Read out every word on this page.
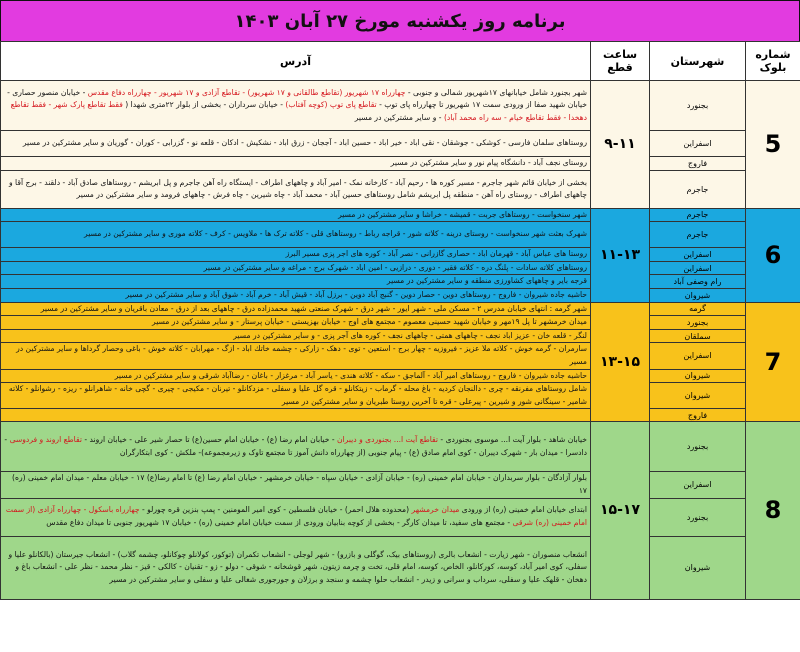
برنامه روز یکشنبه مورخ ۲۷ آبان ۱۴۰۳
شماره بلوک	شهرستان	ساعت قطع	آدرس
5	بجنورد	۹-۱۱	شهر بجنورد شامل خیابانهای ۱۷شهریور شمالی و جنوبی - چهارراه ۱۷ شهریور (تقاطع طالقانی و ۱۷ شهریور) - تقاطع آزادی و ۱۷ شهریور - چهارراه دفاع مقدس - خیابان منصور حصاری - خیابان شهید صفا از ورودی سمت ۱۷ شهریور تا چهارراه پای توپ - تقاطع پای توپ (کوچه آفتاب) - خیابان سرداران - بخشی از بلوار ۲۲متری شهدا ( فقط تقاطع پارک شهر - فقط تقاطع دهخدا - فقط تقاطع خیام - سه راه محمد آباد) - و سایر مشترکین در مسیر
	اسفراین		روستاهای سلمان فارسی - کوشکی - جوشقان - نقی اباد - خیر اباد - حسین اباد - آججان - زرق اباد - نشکیش - ادکان - قلعه نو - گزرابی - کوران - گوریان و سایر مشترکین در مسیر
	فاروج		روستای نجف آباد - دانشگاه پیام نور و سایر مشترکین در مسیر
	جاجرم		بخشی از خیابان قائم شهر جاجرم - مسیر کوره ها - رحیم آباد - کارخانه نمک - امیر آباد و چاههای اطراف - ایستگاه راه آهن جاجرم و پل ابریشم - روستاهای صادق آباد - دلقند - برج آقا و چاههای اطراف - روستای راه آهن - منطقه پل ابریشم شامل روستاهای حسین آباد - محمد آباد - چاه شیرین - چاه فرش - چاههای فرومد و سایر مشترکین در مسیر
6	جاجرم	۱۱-۱۳	شهر سنخواست - روستاهای جربت - قمیشه - خراشا و سایر مشترکین در مسیر
	جاجرم		شهرک بعثت شهر سنخواست - روستای درینه - کلاته شور - قراجه رباط - روستاهای قلی - کلاته ترک ها - ملاویس - کرف - کلاته موری و سایر مشترکین در مسیر
	اسفراین		روستا های عباس آباد - قهرمان اباد - حصاری گازرانی - نصر آباد - کوره های اجر پزی مسیر البرز
	اسفراین		روستاهای کلاته سادات - پلنگ دره - کلاته فقیر - دوری - درازیی - امین اباد - شهرک برج - مراغه و سایر مشترکین در مسیر
	رام وصفی آباد		قرجه بایر و چاههای کشاورزی منطقه و سایر مشترکین در مسیر
	شیروان		حاشیه جاده شیروان - فاروج - روستاهای دوین - حصار دوین - گنبج آباد دوین - برزل آباد - قیش آباد - خرم آباد - شوق آباد و سایر مشترکین در مسیر
7	گرمه	۱۳-۱۵	شهر گرمه : انتهای خیابان مدرس ۲ - مسکن ملی - شهر ایور - شهر درق - شهرک صنعتی شهید محمدزاده درق - چاههای بعد از درق - معادن باقریان و سایر مشترکین در مسیر
	بجنورد		میدان خرمشهر تا پل ۱۹مهر و خیابان شهید حسینی معصوم - مجتمع های اوج - خیابان بهزیستی - خیابان پرستار - و سایر مشترکین در مسیر
	سملقان		لنگر - قلعه خان - عزیز اباد نجف - چاههای همتی - چاههای نجف - کوره های آجر پزی - و سایر مشترکین در مسیر
	اسفراین		سارمران - گرمه خوش - کلاته ملا عزیز - فیروزیه - چهار برج - استعین - توی - دهک - زارکی - چشمه خاتك اباد - ازگ - مهرابان - کلاته خوش - باغی وحصار گرداها و سایر مشترکین در مسیر
	شیروان		حاشیه جاده شیروان - فاروج - روستاهای امیر آباد - آلماجق - سکه - کلاته هندی - یاسر آباد - مرغزار - باغان - رضاآباد شرقی و سایر مشترکین در مسیر
	شیروان		شامل روستاهای مفرنقه - چری - دالنجان کردیه - باغ محله - گرماب - زیتکانلو - قره گل علیا و سفلی - مزدکانلو - تیرنان - مکیجی - چیری - گچی خانه - شاهرانلو - ریزه - رشوانلو - کلاته شامیر - سینگانی شور و شیرین - پیرعلی - قره تا آخرین روستا طبریان و سایر مشترکین در مسیر
	فاروج		
8	بجنورد	۱۵-۱۷	خیابان شاهد - بلوار آیت ا... موسوی بجنوردی - تقاطع آیت ا... بجنوردی و دیبران - خیابان امام رضا (ع) - خیابان امام حسین(ع) تا حصار شیر علی - خیابان اروند - تقاطع اروند و فردوسی - دادسرا - میدان بار - شهرک دیبران - کوی امام صادق (ع) - پیام جنوبی (از چهارراه دانش آموز تا مجتمع تاوک و زیرمجموعه)- ملکش - کوی ابتکارگران
	اسفراین		بلوار آزادگان - بلوار سربداران - خیابان امام خمینی (ره) - خیابان آزادی - خیابان سپاه - خیابان خرمشهر - خیابان امام رضا (ع) تا امام رضا(ع) ۱۷ - خیابان معلم - میدان امام خمینی (ره) ۱۷
	بجنورد		ابتدای خیابان امام خمینی (ره) از ورودی میدان خرمشهر (محدوده هلال احمر) - خیابان فلسطین - کوی امیر المومنین - پمپ بنزین قره چورلو - چهارراه باسکول - چهارراه آزادی (از سمت امام خمینی (ره) شرقی - مجتمع های سفید، تا میدان کارگر - بخشی از کوچه بنابیان ورودی از سمت خیابان امام خمینی (ره) - خیابان ۱۷ شهریور جنوبی تا میدان دفاع مقدس
	شیروان		انشعاب منصوران - شهر زیارت - انشعاب بالری (روستاهای بیک، گوگلی و بازرو) - شهر لوجلی - انشعاب تکمران (توکور، کولانلو چوکانلو، چشمه گلاب) - انشعاب جیرستان (بالکانلو علیا و سفلی، کوی امیر آباد، کوسه، کورکانلو، الخاص، کوسه، امام قلی، تخت و چرمه زیتون، شهر قوشخانه - شوقی - دولو - زو - تقنیان - کالکی - قیز - نظر محمد - نظر علی - انشعاب باغ و دهخان - قلهک علیا و سفلی، سرداب و سرانی و زیدر - انشعاب حلوا چشمه و سنجد و برزلان و جورجوری شغالی علیا و سفلی و سایر مشترکین در مسیر
